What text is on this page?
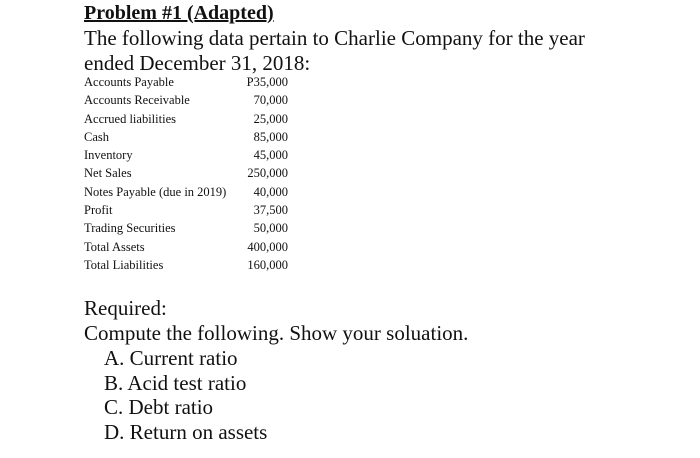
Problem #1 (Adapted)
The following data pertain to Charlie Company for the year
ended December 31, 2018:
Accounts Payable	P35,000
Accounts Receivable	70,000
Accrued liabilities	25,000
Cash	85,000
Inventory	45,000
Net Sales	250,000
Notes Payable (due in 2019) 40,000
Profit	37,500
Trading Securities	50,000
Total Assets	400,000
Total Liabilities	160,000
Required:
Compute the following. Show your soluation.
A. Current ratio
B. Acid test ratio
C. Debt ratio
D. Return on assets
